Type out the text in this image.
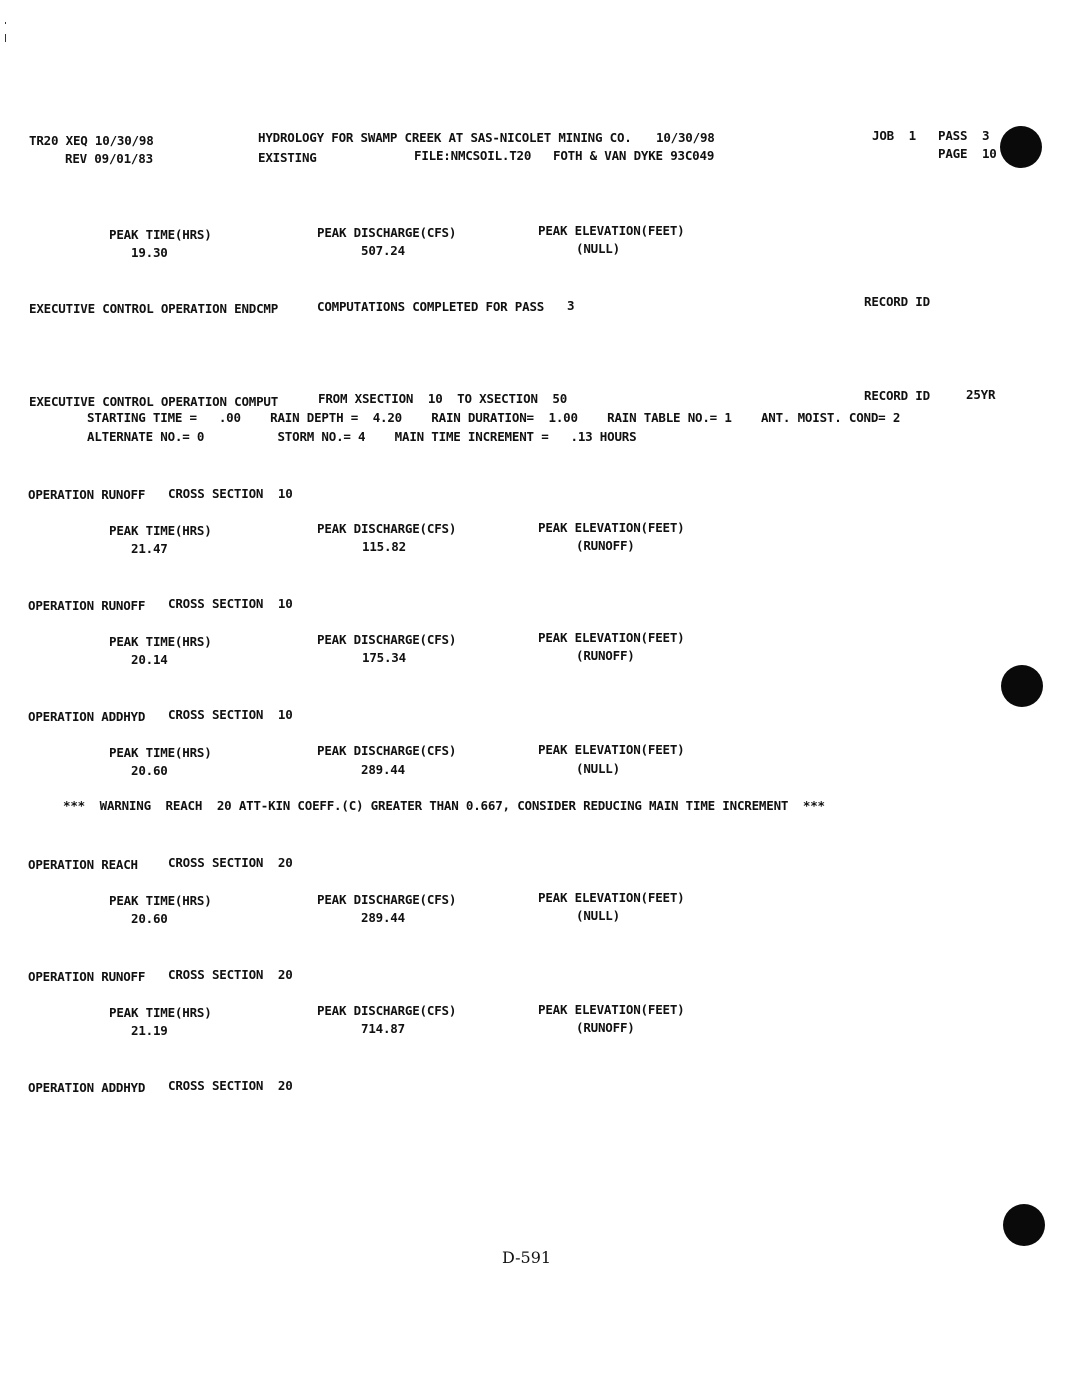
TR20 XEQ 10/30/98
REV 09/01/83
HYDROLOGY FOR SWAMP CREEK AT SAS-NICOLET MINING CO. 10/30/98
EXISTING	FILE:NMCSOIL.T20 FOTH & VAN DYKE 93C049
JOB  1 PASS  3
PAGE  10
PEAK TIME(HRS)	PEAK DISCHARGE(CFS)	PEAK ELEVATION(FEET)
19.30	507.24	(NULL)
EXECUTIVE CONTROL OPERATION ENDCMP	COMPUTATIONS COMPLETED FOR PASS 3	RECORD ID
EXECUTIVE CONTROL OPERATION COMPUT	FROM XSECTION  10  TO XSECTION  50	RECORD ID	25YR
STARTING TIME =   .00    RAIN DEPTH =  4.20    RAIN DURATION=  1.00    RAIN TABLE NO.= 1    ANT. MOIST. COND= 2
ALTERNATE NO.= 0          STORM NO.= 4    MAIN TIME INCREMENT =   .13 HOURS
OPERATION RUNOFF CROSS SECTION  10
PEAK TIME(HRS)	PEAK DISCHARGE(CFS)	PEAK ELEVATION(FEET)
21.47	115.82	(RUNOFF)
OPERATION RUNOFF CROSS SECTION  10
PEAK TIME(HRS)	PEAK DISCHARGE(CFS)	PEAK ELEVATION(FEET)
20.14	175.34	(RUNOFF)
OPERATION ADDHYD CROSS SECTION  10
PEAK TIME(HRS)	PEAK DISCHARGE(CFS)	PEAK ELEVATION(FEET)
20.60	289.44	(NULL)
***  WARNING  REACH  20 ATT-KIN COEFF.(C) GREATER THAN 0.667, CONSIDER REDUCING MAIN TIME INCREMENT  ***
OPERATION REACH CROSS SECTION  20
PEAK TIME(HRS)	PEAK DISCHARGE(CFS)	PEAK ELEVATION(FEET)
20.60	289.44	(NULL)
OPERATION RUNOFF CROSS SECTION  20
PEAK TIME(HRS)	PEAK DISCHARGE(CFS)	PEAK ELEVATION(FEET)
21.19	714.87	(RUNOFF)
OPERATION ADDHYD CROSS SECTION  20
D-591
